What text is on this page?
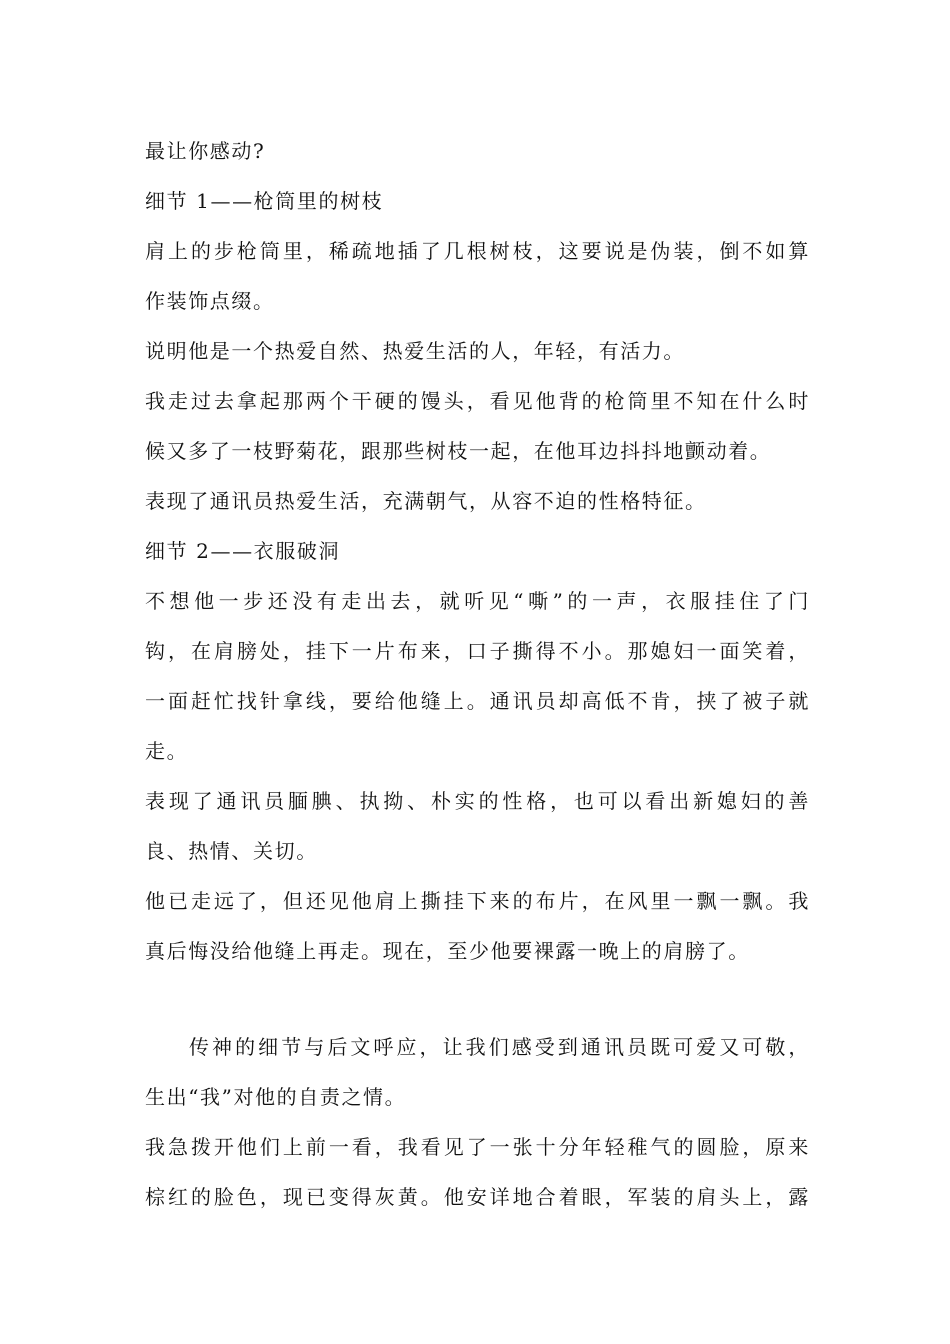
最让你感动?
细节 1——枪筒里的树枝
肩上的步枪筒里，稀疏地插了几根树枝，这要说是伪装，倒不如算
作装饰点缀。
说明他是一个热爱自然、热爱生活的人，年轻，有活力。
我走过去拿起那两个干硬的馒头，看见他背的枪筒里不知在什么时
候又多了一枝野菊花，跟那些树枝一起，在他耳边抖抖地颤动着。
表现了通讯员热爱生活，充满朝气，从容不迫的性格特征。
细节 2——衣服破洞
不想他一步还没有走出去，就听见“嘶”的一声，衣服挂住了门
钩，在肩膀处，挂下一片布来，口子撕得不小。那媳妇一面笑着，
一面赶忙找针拿线，要给他缝上。通讯员却高低不肯，挟了被子就
走。
表现了通讯员腼腆、执拗、朴实的性格，也可以看出新媳妇的善
良、热情、关切。
他已走远了，但还见他肩上撕挂下来的布片，在风里一飘一飘。我
真后悔没给他缝上再走。现在，至少他要裸露一晚上的肩膀了。
传神的细节与后文呼应，让我们感受到通讯员既可爱又可敬，
生出“我”对他的自责之情。
我急拨开他们上前一看，我看见了一张十分年轻稚气的圆脸，原来
棕红的脸色，现已变得灰黄。他安详地合着眼，军装的肩头上，露
